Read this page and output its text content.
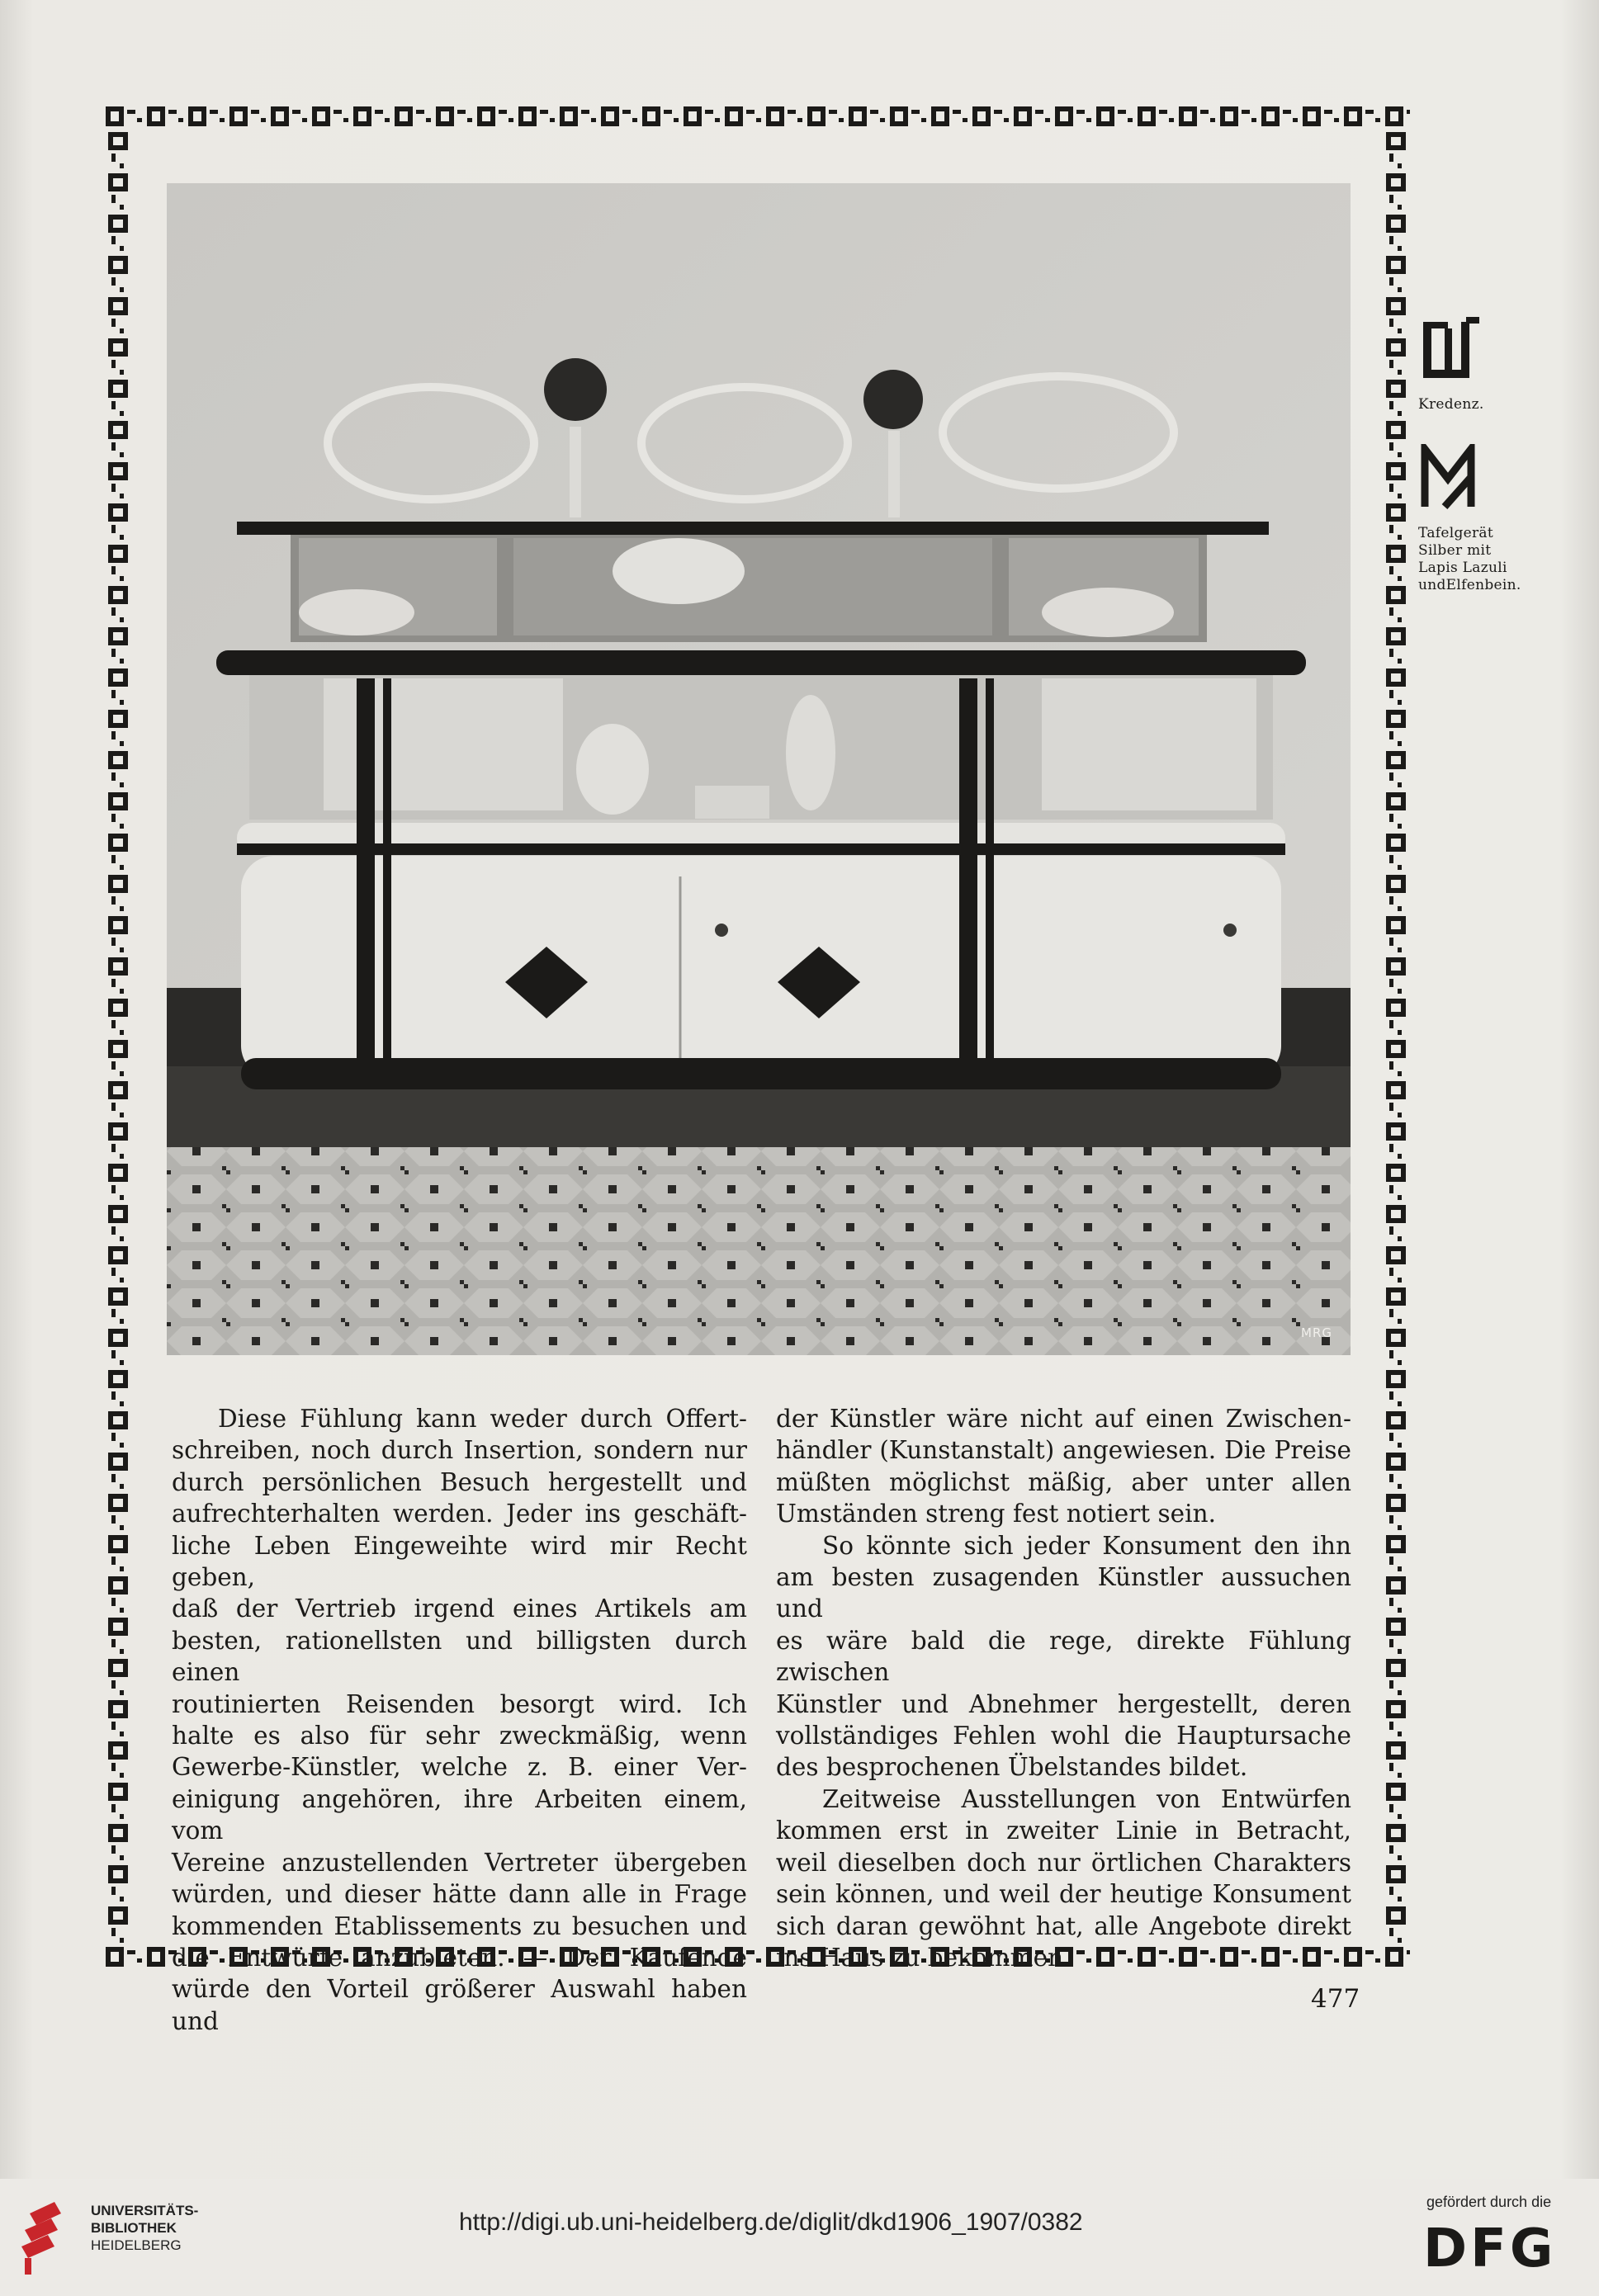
MRG
Kredenz.
Tafelgerät
Silber mit
Lapis Lazuli
undElfenbein.

Diese Fühlung kann weder durch Offert-
schreiben, noch durch Insertion, sondern nur
durch persönlichen Besuch hergestellt und
aufrechterhalten werden. Jeder ins geschäft-
liche Leben Eingeweihte wird mir Recht geben,
daß der Vertrieb irgend eines Artikels am
besten, rationellsten und billigsten durch einen
routinierten Reisenden besorgt wird. Ich
halte es also für sehr zweckmäßig, wenn
Gewerbe-Künstler, welche z. B. einer Ver-
einigung angehören, ihre Arbeiten einem, vom
Vereine anzustellenden Vertreter übergeben
würden, und dieser hätte dann alle in Frage
kommenden Etablissements zu besuchen und
die Entwürfe anzubieten. — Der Kaufende
würde den Vorteil größerer Auswahl haben und

der Künstler wäre nicht auf einen Zwischen-
händler (Kunstanstalt) angewiesen. Die Preise
müßten möglichst mäßig, aber unter allen
Umständen streng fest notiert sein.

So könnte sich jeder Konsument den ihn
am besten zusagenden Künstler aussuchen und
es wäre bald die rege, direkte Fühlung zwischen
Künstler und Abnehmer hergestellt, deren
vollständiges Fehlen wohl die Hauptursache
des besprochenen Übelstandes bildet.

Zeitweise Ausstellungen von Entwürfen
kommen erst in zweiter Linie in Betracht,
weil dieselben doch nur örtlichen Charakters
sein können, und weil der heutige Konsument
sich daran gewöhnt hat, alle Angebote direkt
ins Haus zu bekommen.

477
UNIVERSITÄTS-
BIBLIOTHEK
HEIDELBERG
http://digi.ub.uni-heidelberg.de/diglit/dkd1906_1907/0382
gefördert durch die
DFG
